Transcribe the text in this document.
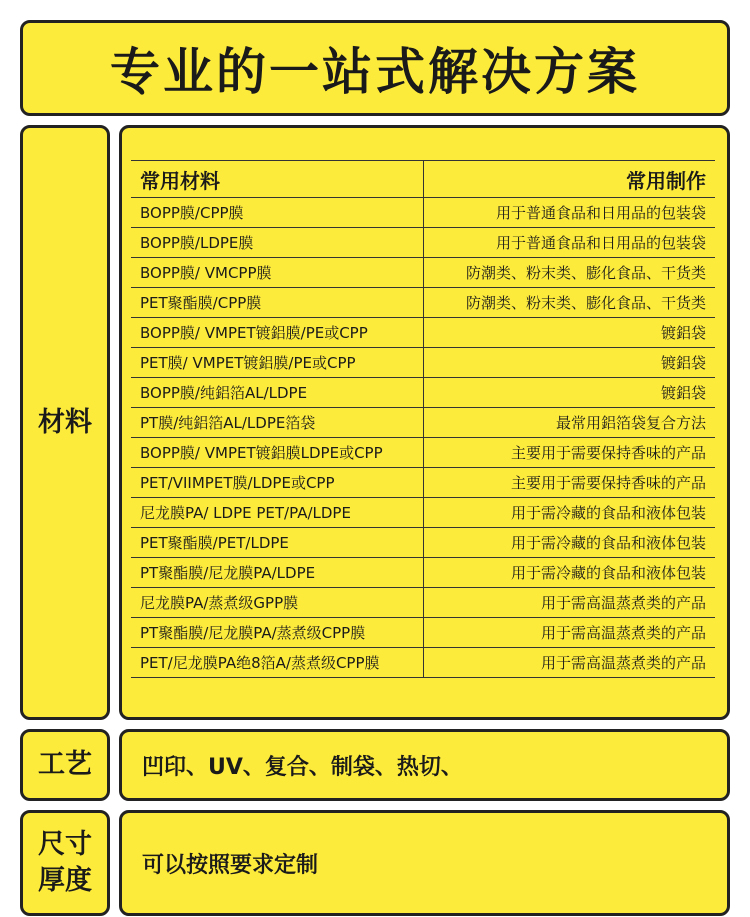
专业的一站式解决方案
材料
常用材料	常用制作
BOPP膜/CPP膜	用于普通食品和日用品的包装袋
BOPP膜/LDPE膜	用于普通食品和日用品的包装袋
BOPP膜/ VMCPP膜	防潮类、粉末类、膨化食品、干货类
PET聚酯膜/CPP膜	防潮类、粉末类、膨化食品、干货类
BOPP膜/ VMPET镀鋁膜/PE或CPP	镀鋁袋
PET膜/ VMPET镀鋁膜/PE或CPP	镀鋁袋
BOPP膜/纯鋁箔AL/LDPE	镀鋁袋
PT膜/纯鋁箔AL/LDPE箔袋	最常用鋁箔袋复合方法
BOPP膜/ VMPET镀鋁膜LDPE或CPP	主要用于需要保持香味的产品
PET/VIIMPET膜/LDPE或CPP	主要用于需要保持香味的产品
尼龙膜PA/ LDPE PET/PA/LDPE	用于需冷藏的食品和液体包装
PET聚酯膜/PET/LDPE	用于需冷藏的食品和液体包装
PT聚酯膜/尼龙膜PA/LDPE	用于需冷藏的食品和液体包装
尼龙膜PA/蒸煮级GPP膜	用于需高温蒸煮类的产品
PT聚酯膜/尼龙膜PA/蒸煮级CPP膜	用于需高温蒸煮类的产品
PET/尼龙膜PA绝8箔A/蒸煮级CPP膜	用于需高温蒸煮类的产品
工艺 凹印、UV、复合、制袋、热切、
尺寸
厚度 可以按照要求定制
